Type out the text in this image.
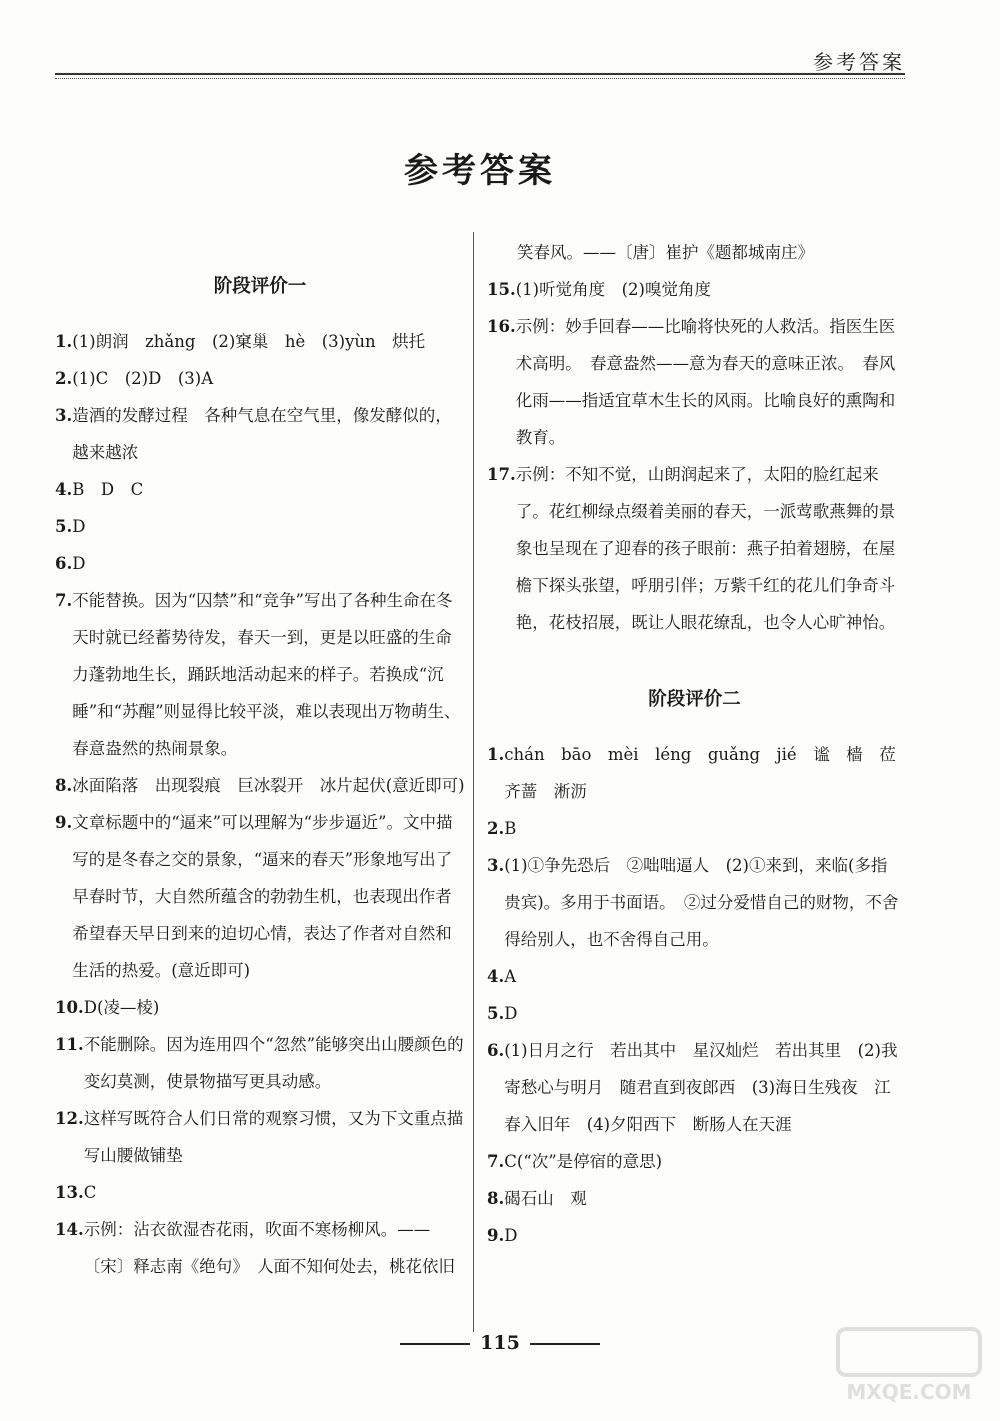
参考答案
参考答案
阶段评价一
1. (1)朗润　zhǎng　(2)窠巢　hè　(3)yùn　烘托
2. (1)C　(2)D　(3)A
3. 造酒的发酵过程　各种气息在空气里，像发酵似的，越来越浓
4. B　D　C
5. D
6. D
7. 不能替换。因为“囚禁”和“竞争”写出了各种生命在冬天时就已经蓄势待发，春天一到，更是以旺盛的生命力蓬勃地生长，踊跃地活动起来的样子。若换成“沉睡”和“苏醒”则显得比较平淡，难以表现出万物萌生、春意盎然的热闹景象。
8. 冰面陷落　出现裂痕　巨冰裂开　冰片起伏(意近即可)
9. 文章标题中的“逼来”可以理解为“步步逼近”。文中描写的是冬春之交的景象，“逼来的春天”形象地写出了早春时节，大自然所蕴含的勃勃生机，也表现出作者希望春天早日到来的迫切心情，表达了作者对自然和生活的热爱。(意近即可)
10. D(凌—棱)
11. 不能删除。因为连用四个“忽然”能够突出山腰颜色的变幻莫测，使景物描写更具动感。
12. 这样写既符合人们日常的观察习惯，又为下文重点描写山腰做铺垫
13. C
14. 示例：沾衣欲湿杏花雨，吹面不寒杨柳风。——〔宋〕释志南《绝句》　人面不知何处去，桃花依旧
笑春风。——〔唐〕崔护《题都城南庄》
15. (1)听觉角度　(2)嗅觉角度
16. 示例：妙手回春——比喻将快死的人救活。指医生医术高明。　春意盎然——意为春天的意味正浓。　春风化雨——指适宜草木生长的风雨。比喻良好的熏陶和教育。
17. 示例：不知不觉，山朗润起来了，太阳的脸红起来了。花红柳绿点缀着美丽的春天，一派莺歌燕舞的景象也呈现在了迎春的孩子眼前：燕子拍着翅膀，在屋檐下探头张望，呼朋引伴；万紫千红的花儿们争奇斗艳，花枝招展，既让人眼花缭乱，也令人心旷神怡。
阶段评价二
1. chán　bāo　mèi　léng　guǎng　jié　谧　樯　莅　齐蔷　淅沥
2. B
3. (1)①争先恐后　②咄咄逼人　(2)①来到，来临(多指贵宾)。多用于书面语。　②过分爱惜自己的财物，不舍得给别人，也不舍得自己用。
4. A
5. D
6. (1)日月之行　若出其中　星汉灿烂　若出其里　(2)我寄愁心与明月　随君直到夜郎西　(3)海日生残夜　江春入旧年　(4)夕阳西下　断肠人在天涯
7. C(“次”是停宿的意思)
8. 碣石山　观
9. D
115
MXQE.COM
